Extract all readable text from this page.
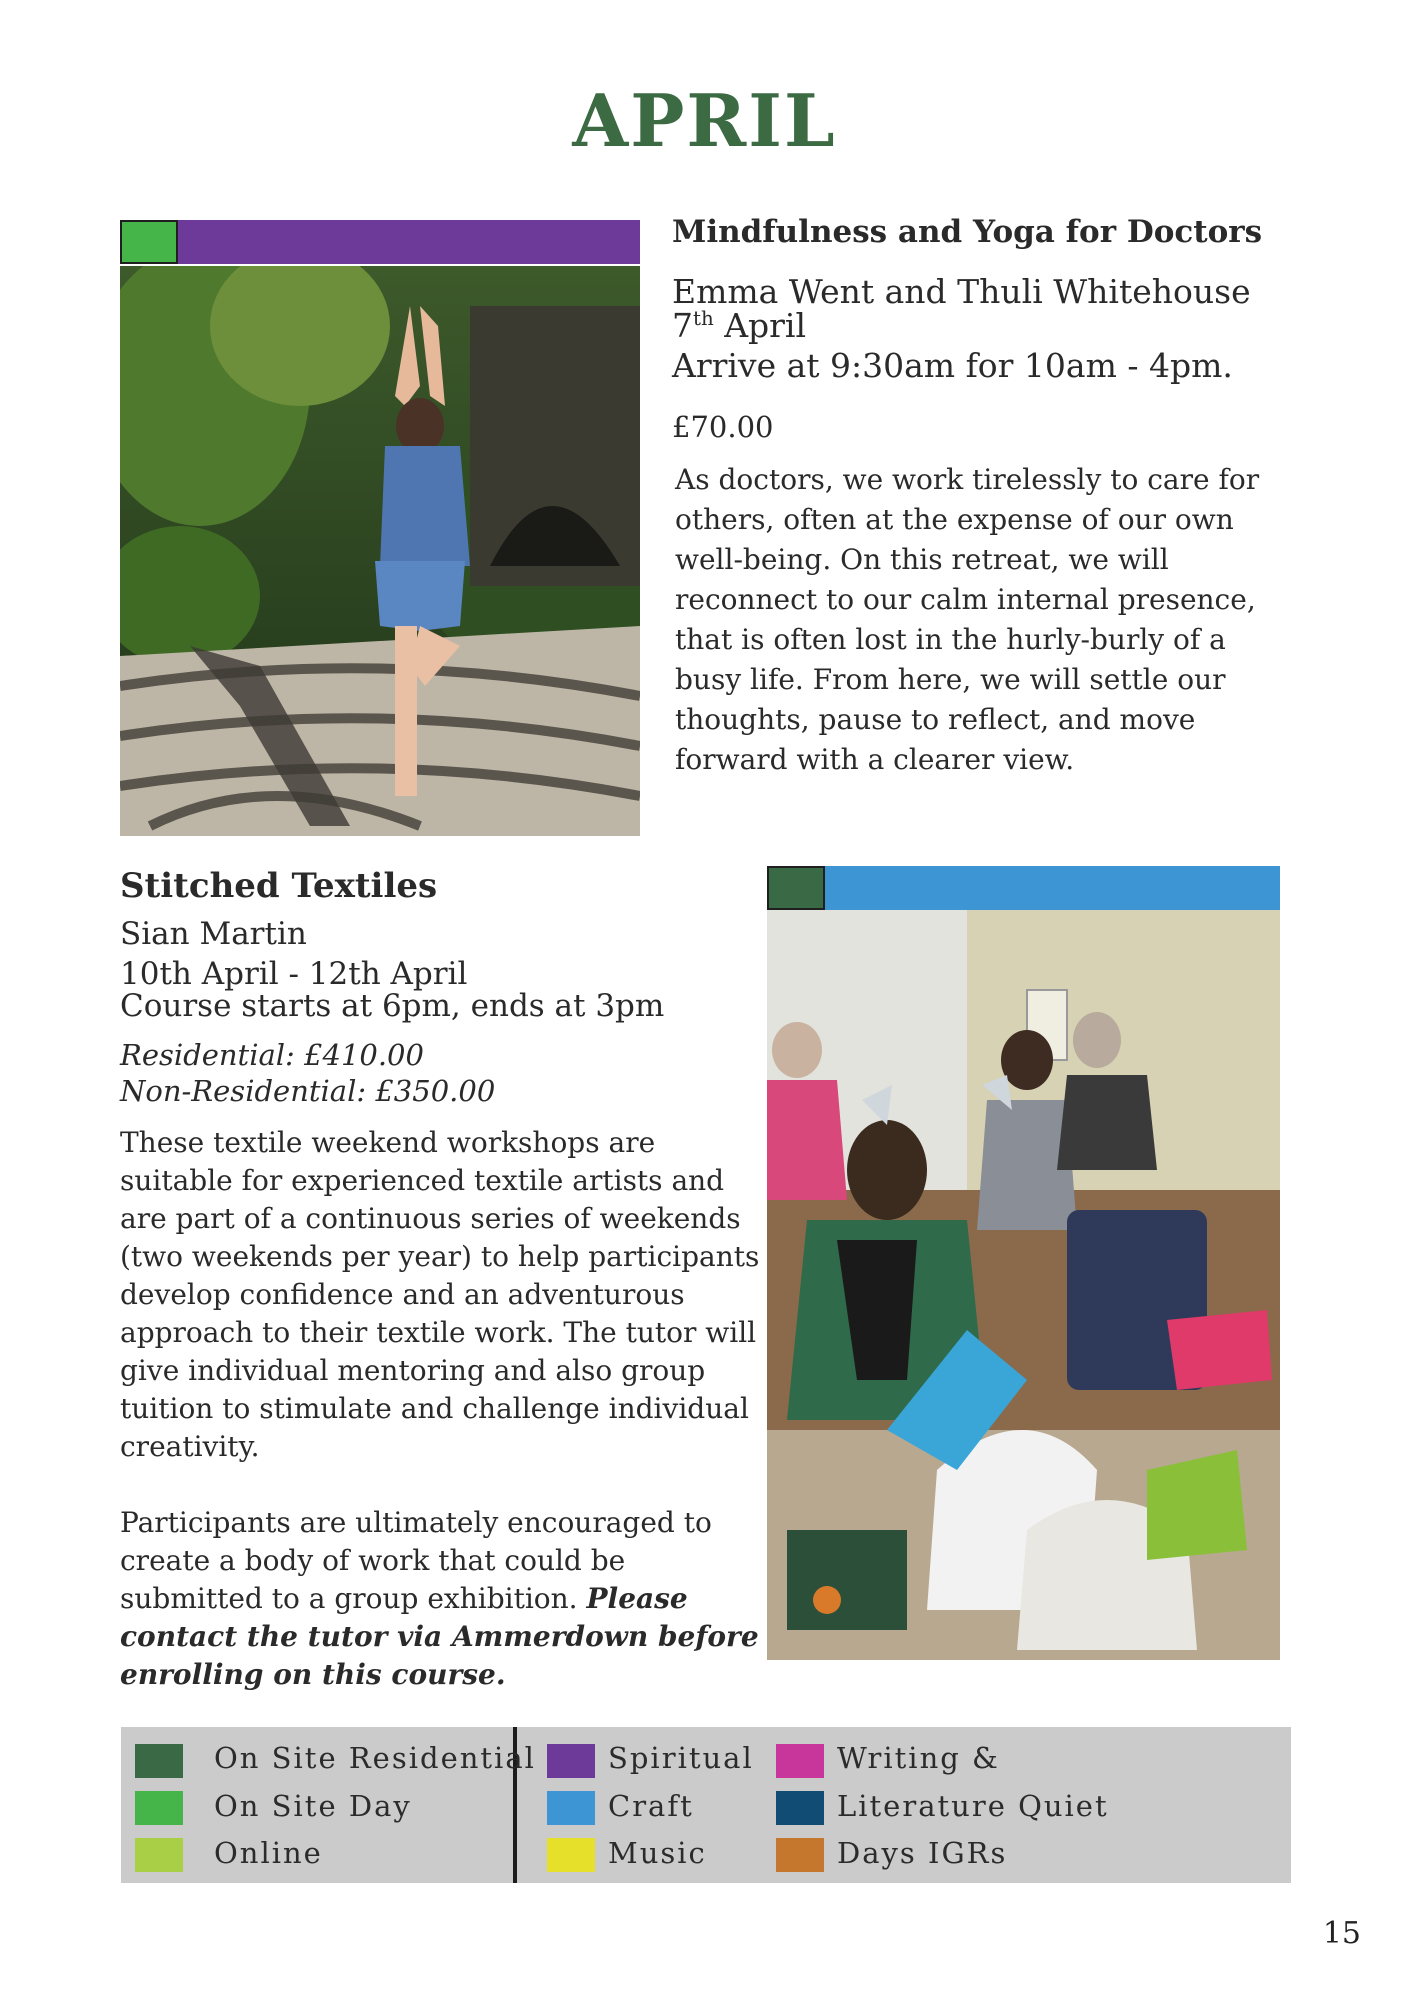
APRIL
Mindfulness and Yoga for Doctors

Emma Went and Thuli Whitehouse

7th April

Arrive at 9:30am for 10am - 4pm.

£70.00

As doctors, we work tirelessly to care for others, often at the expense of our own well-being. On this retreat, we will reconnect to our calm internal presence, that is often lost in the hurly-burly of a busy life. From here, we will settle our thoughts, pause to reflect, and move forward with a clearer view.

Stitched Textiles

Sian Martin

10th April - 12th April

Course starts at 6pm, ends at 3pm

Residential: £410.00

Non-Residential: £350.00

These textile weekend workshops are suitable for experienced textile artists and are part of a continuous series of weekends (two weekends per year) to help participants develop confidence and an adventurous approach to their textile work. The tutor will give individual mentoring and also group tuition to stimulate and challenge individual creativity.

Participants are ultimately encouraged to create a body of work that could be submitted to a group exhibition. Please contact the tutor via Ammerdown before enrolling on this course.

On Site Residential
On Site Day
Online
Spiritual
Craft
Music
Writing &
Literature Quiet
Days IGRs
15
